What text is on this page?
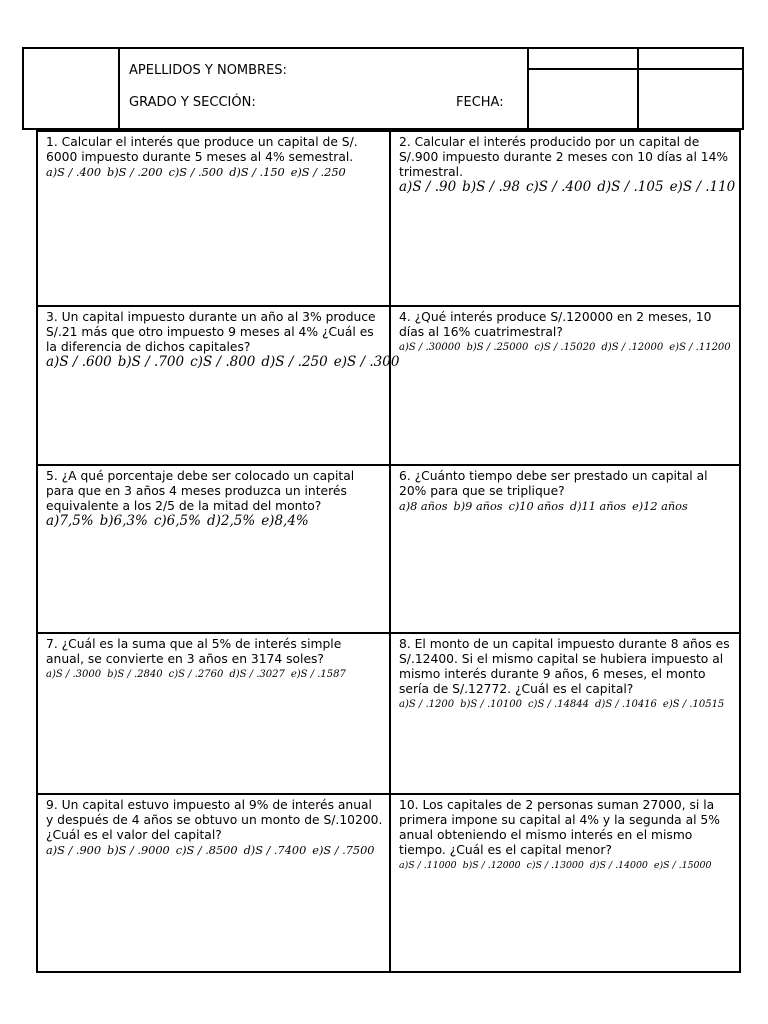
APELLIDOS Y NOMBRES:
GRADO Y SECCIÓN:	FECHA:

1. Calcular el interés que produce un capital de S/. 6000 impuesto durante 5 meses al 4% semestral.

a)S / .400 b)S / .200 c)S / .500 d)S / .150 e)S / .250

2. Calcular el interés producido por un capital de S/.900 impuesto durante 2 meses con 10 días al 14% trimestral.

a)S / .90 b)S / .98 c)S / .400 d)S / .105 e)S / .110

3. Un capital impuesto durante un año al 3% produce S/.21 más que otro impuesto 9 meses al 4% ¿Cuál es la diferencia de dichos capitales?

a)S / .600 b)S / .700 c)S / .800 d)S / .250 e)S / .300

4. ¿Qué interés produce S/.120000 en 2 meses, 10 días al 16% cuatrimestral?

a)S / .30000 b)S / .25000 c)S / .15020 d)S / .12000 e)S / .11200

5. ¿A qué porcentaje debe ser colocado un capital para que en 3 años 4 meses produzca un interés equivalente a los 2/5 de la mitad del monto?

a)7,5% b)6,3% c)6,5% d)2,5% e)8,4%

6. ¿Cuánto tiempo debe ser prestado un capital al 20% para que se triplique?

a)8 años b)9 años c)10 años d)11 años e)12 años

7. ¿Cuál es la suma que al 5% de interés simple anual, se convierte en 3 años en 3174 soles?

a)S / .3000 b)S / .2840 c)S / .2760 d)S / .3027 e)S / .1587

8. El monto de un capital impuesto durante 8 años es S/.12400. Si el mismo capital se hubiera impuesto al mismo interés durante 9 años, 6 meses, el monto sería de S/.12772. ¿Cuál es el capital?

a)S / .1200 b)S / .10100 c)S / .14844 d)S / .10416 e)S / .10515

9. Un capital estuvo impuesto al 9% de interés anual y después de 4 años se obtuvo un monto de S/.10200. ¿Cuál es el valor del capital?

a)S / .900 b)S / .9000 c)S / .8500 d)S / .7400 e)S / .7500

10. Los capitales de 2 personas suman 27000, si la primera impone su capital al 4% y la segunda al 5% anual obteniendo el mismo interés en el mismo tiempo. ¿Cuál es el capital menor?

a)S / .11000 b)S / .12000 c)S / .13000 d)S / .14000 e)S / .15000
